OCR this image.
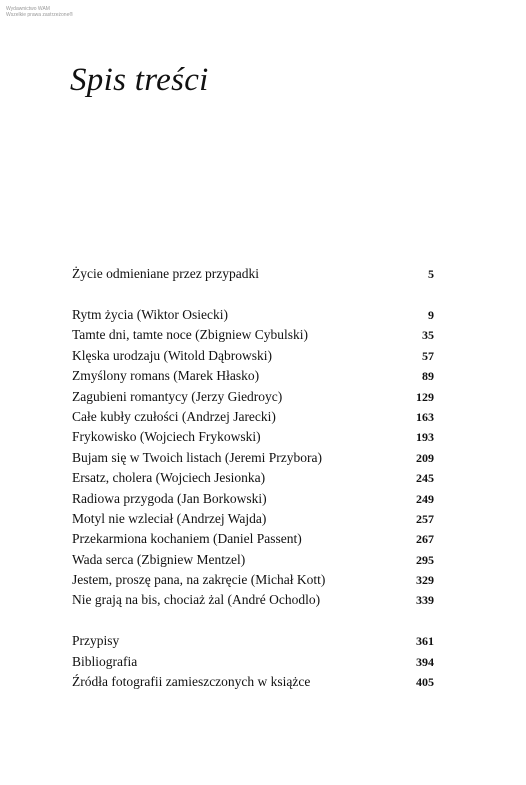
Wydawnictwo WAM
Wszelkie prawa zastrzeżone®
Spis treści
Życie odmieniane przez przypadki	5
Rytm życia (Wiktor Osiecki)	9
Tamte dni, tamte noce (Zbigniew Cybulski)	35
Klęska urodzaju (Witold Dąbrowski)	57
Zmyślony romans (Marek Hłasko)	89
Zagubieni romantycy (Jerzy Giedroyc)	129
Całe kubły czułości (Andrzej Jarecki)	163
Frykowisko (Wojciech Frykowski)	193
Bujam się w Twoich listach (Jeremi Przybora)	209
Ersatz, cholera (Wojciech Jesionka)	245
Radiowa przygoda (Jan Borkowski)	249
Motyl nie wzleciał (Andrzej Wajda)	257
Przekarmiona kochaniem (Daniel Passent)	267
Wada serca (Zbigniew Mentzel)	295
Jestem, proszę pana, na zakręcie (Michał Kott)	329
Nie grają na bis, chociaż żal (André Ochodlo)	339
Przypisy	361
Bibliografia	394
Źródła fotografii zamieszczonych w książce	405
